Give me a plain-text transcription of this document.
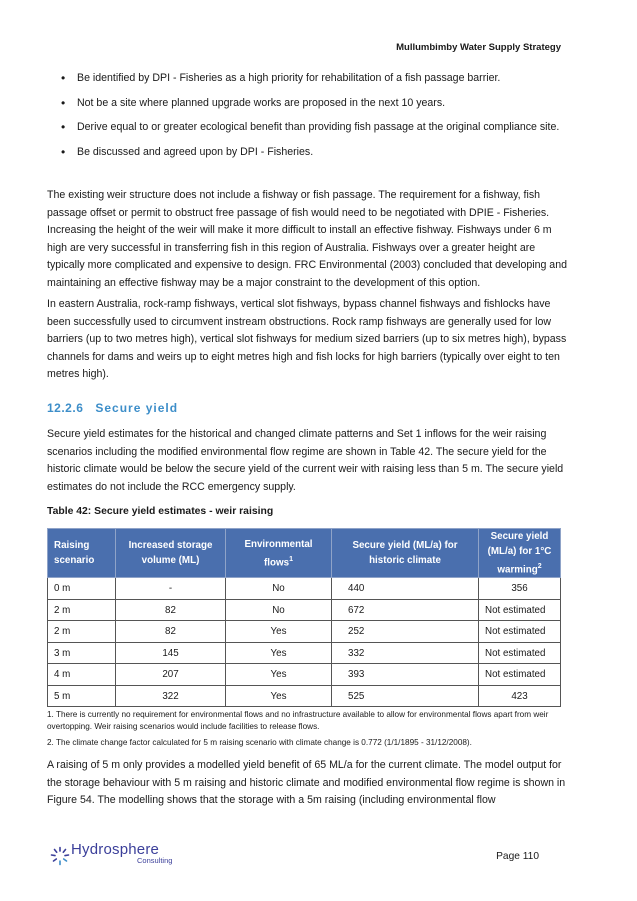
Mullumbimby Water Supply Strategy
• Be identified by DPI - Fisheries as a high priority for rehabilitation of a fish passage barrier.
• Not be a site where planned upgrade works are proposed in the next 10 years.
• Derive equal to or greater ecological benefit than providing fish passage at the original compliance site.
• Be discussed and agreed upon by DPI - Fisheries.

The existing weir structure does not include a fishway or fish passage. The requirement for a fishway, fish passage offset or permit to obstruct free passage of fish would need to be negotiated with DPIE - Fisheries. Increasing the height of the weir will make it more difficult to install an effective fishway. Fishways under 6 m high are very successful in transferring fish in this region of Australia. Fishways over a greater height are typically more complicated and expensive to design. FRC Environmental (2003) concluded that developing and maintaining an effective fishway may be a major constraint to the development of this option.

In eastern Australia, rock-ramp fishways, vertical slot fishways, bypass channel fishways and fishlocks have been successfully used to circumvent instream obstructions. Rock ramp fishways are generally used for low barriers (up to two metres high), vertical slot fishways for medium sized barriers (up to six metres high), bypass channels for dams and weirs up to eight metres high and fish locks for high barriers (typically over eight to ten metres high).

12.2.6 Secure yield

Secure yield estimates for the historical and changed climate patterns and Set 1 inflows for the weir raising scenarios including the modified environmental flow regime are shown in Table 42. The secure yield for the historic climate would be below the secure yield of the current weir with raising less than 5 m. The secure yield estimates do not include the RCC emergency supply.

Table 42: Secure yield estimates - weir raising
Raising scenario	Increased storage volume (ML)	Environmental flows$^1$	Secure yield (ML/a) for historic climate	Secure yield (ML/a) for 1°C warming$^2$
0 m	-	No	440	356
2 m	82	No	672	Not estimated
2 m	82	Yes	252	Not estimated
3 m	145	Yes	332	Not estimated
4 m	207	Yes	393	Not estimated
5 m	322	Yes	525	423

1. There is currently no requirement for environmental flows and no infrastructure available to allow for environmental flows apart from weir overtopping. Weir raising scenarios would include facilities to release flows.

2. The climate change factor calculated for 5 m raising scenario with climate change is 0.772 (1/1/1895 - 31/12/2008).

A raising of 5 m only provides a modelled yield benefit of 65 ML/a for the current climate. The model output for the storage behaviour with 5 m raising and historic climate and modified environmental flow regime is shown in Figure 54. The modelling shows that the storage with a 5m raising (including environmental flow

Hydrosphere
Consulting	Page 110
